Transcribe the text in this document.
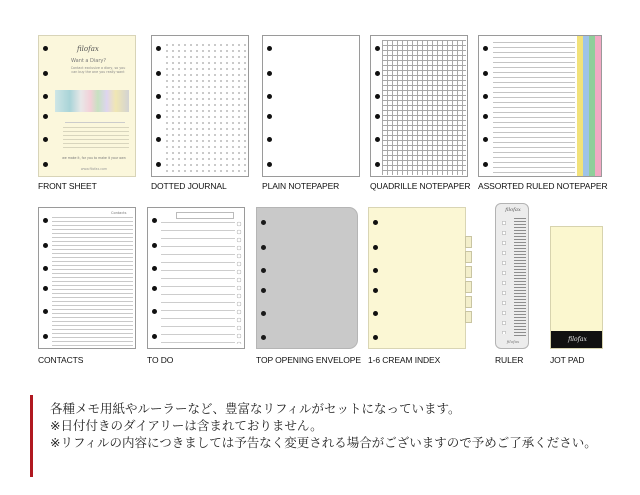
filofax
Want a Diary?
Contact exclusive a diary, so you
can buy the one you really want
we make it, for you to make it your own
www.filofax.com
FRONT SHEET	DOTTED JOURNAL	PLAIN NOTEPAPER	QUADRILLE NOTEPAPER ASSORTED RULED NOTEPAPER
Contacts
CONTACTS	TO DO	TOP OPENING ENVELOPE 1-6 CREAM INDEX
filofax
filofax
RULER
filofax
JOT PAD
各種メモ用紙やルーラーなど、豊富なリフィルがセットになっています。
※日付付きのダイアリーは含まれておりません。
※リフィルの内容につきましては予告なく変更される場合がございますので予めご了承ください。
